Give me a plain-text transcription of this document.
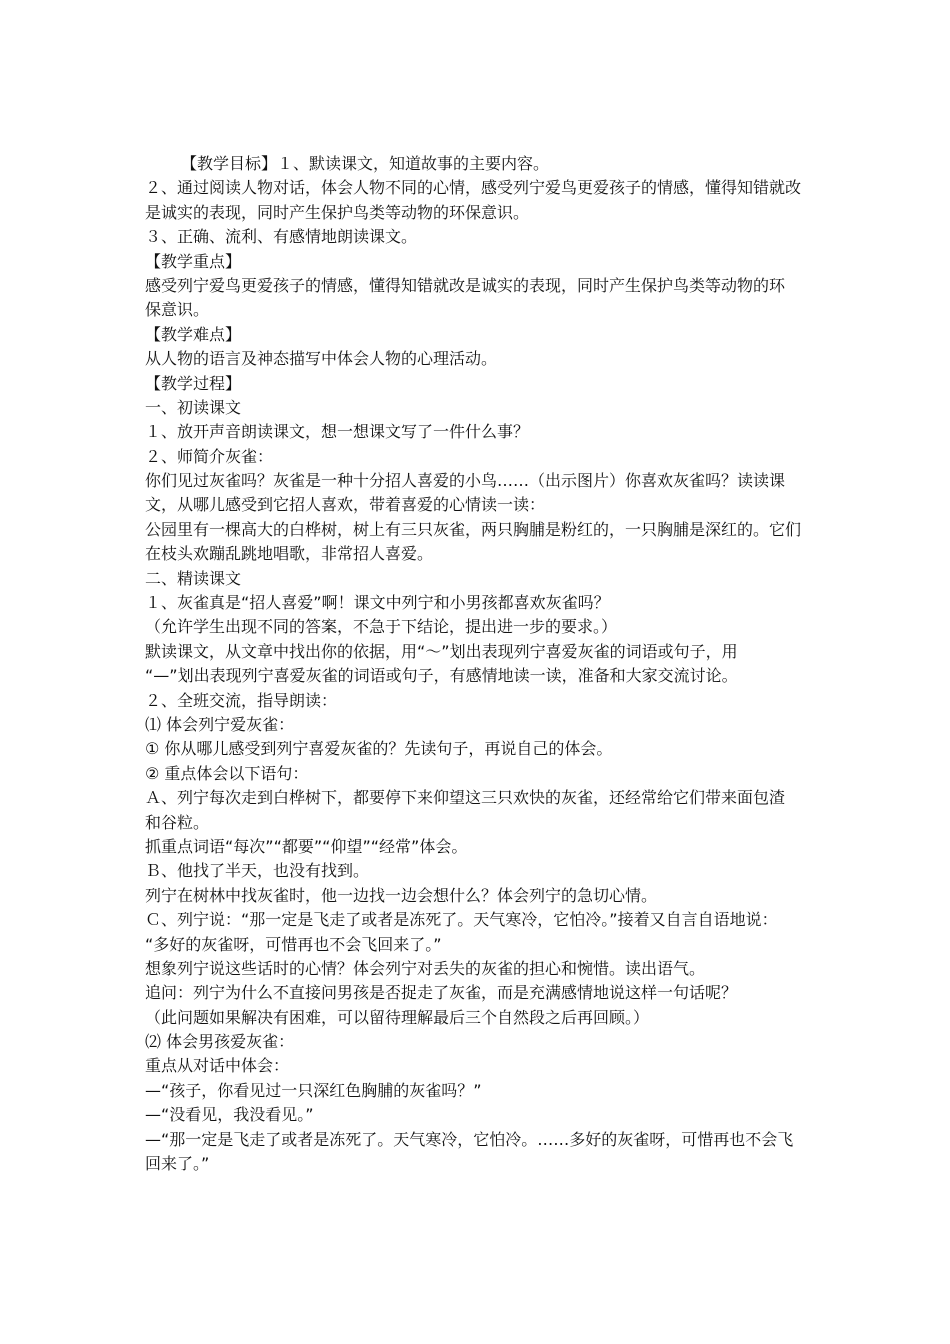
【教学目标】１、默读课文，知道故事的主要内容。
２、通过阅读人物对话，体会人物不同的心情，感受列宁爱鸟更爱孩子的情感，懂得知错就改
是诚实的表现，同时产生保护鸟类等动物的环保意识。
３、正确、流利、有感情地朗读课文。
【教学重点】
感受列宁爱鸟更爱孩子的情感，懂得知错就改是诚实的表现，同时产生保护鸟类等动物的环
保意识。
【教学难点】
从人物的语言及神态描写中体会人物的心理活动。
【教学过程】
一、初读课文
１、放开声音朗读课文，想一想课文写了一件什么事？
２、师简介灰雀：
你们见过灰雀吗？灰雀是一种十分招人喜爱的小鸟……（出示图片）你喜欢灰雀吗？读读课
文，从哪儿感受到它招人喜欢，带着喜爱的心情读一读：
公园里有一棵高大的白桦树，树上有三只灰雀，两只胸脯是粉红的，一只胸脯是深红的。它们
在枝头欢蹦乱跳地唱歌，非常招人喜爱。
二、精读课文
１、灰雀真是“招人喜爱”啊！课文中列宁和小男孩都喜欢灰雀吗？
（允许学生出现不同的答案，不急于下结论，提出进一步的要求。）
默读课文，从文章中找出你的依据，用“～”划出表现列宁喜爱灰雀的词语或句子，用
“—”划出表现列宁喜爱灰雀的词语或句子，有感情地读一读，准备和大家交流讨论。
２、全班交流，指导朗读：
⑴ 体会列宁爱灰雀：
① 你从哪儿感受到列宁喜爱灰雀的？先读句子，再说自己的体会。
② 重点体会以下语句：
Ａ、列宁每次走到白桦树下，都要停下来仰望这三只欢快的灰雀，还经常给它们带来面包渣
和谷粒。
抓重点词语“每次”“都要”“仰望”“经常”体会。
Ｂ、他找了半天，也没有找到。
列宁在树林中找灰雀时，他一边找一边会想什么？体会列宁的急切心情。
Ｃ、列宁说：“那一定是飞走了或者是冻死了。天气寒冷，它怕冷。”接着又自言自语地说：
“多好的灰雀呀，可惜再也不会飞回来了。”
想象列宁说这些话时的心情？体会列宁对丢失的灰雀的担心和惋惜。读出语气。
追问：列宁为什么不直接问男孩是否捉走了灰雀，而是充满感情地说这样一句话呢？
（此问题如果解决有困难，可以留待理解最后三个自然段之后再回顾。）
⑵ 体会男孩爱灰雀：
重点从对话中体会：
—“孩子，你看见过一只深红色胸脯的灰雀吗？”
—“没看见，我没看见。”
—“那一定是飞走了或者是冻死了。天气寒冷，它怕冷。……多好的灰雀呀，可惜再也不会飞
回来了。”
